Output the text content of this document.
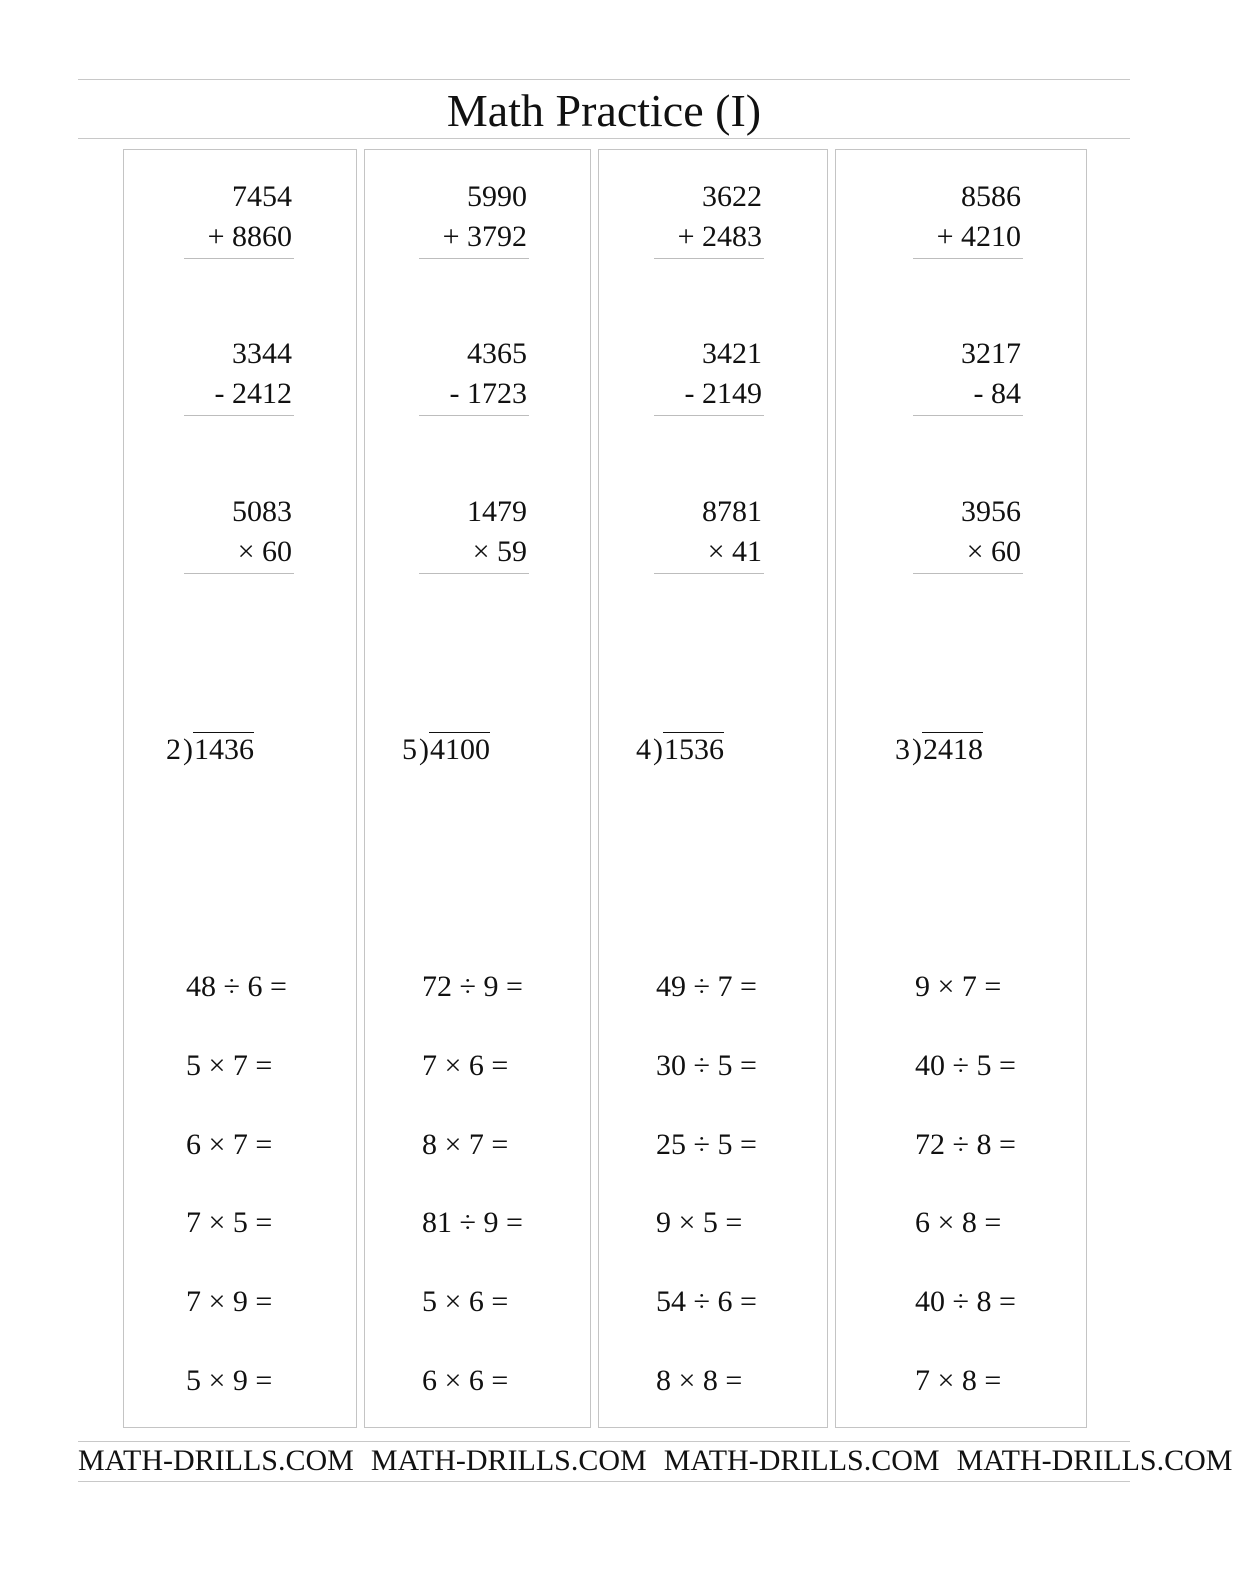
Math Practice (I)
7454
+ 8860
3344
- 2412
5083
× 60
2)1436
48 ÷ 6 =
5 × 7 =
6 × 7 =
7 × 5 =
7 × 9 =
5 × 9 =
5990
+ 3792
4365
- 1723
1479
× 59
5)4100
72 ÷ 9 =
7 × 6 =
8 × 7 =
81 ÷ 9 =
5 × 6 =
6 × 6 =
3622
+ 2483
3421
- 2149
8781
× 41
4)1536
49 ÷ 7 =
30 ÷ 5 =
25 ÷ 5 =
9 × 5 =
54 ÷ 6 =
8 × 8 =
8586
+ 4210
3217
- 84
3956
× 60
3)2418
9 × 7 =
40 ÷ 5 =
72 ÷ 8 =
6 × 8 =
40 ÷ 8 =
7 × 8 =
MATH-DRILLS.COM MATH-DRILLS.COM MATH-DRILLS.COM MATH-DRILLS.COM
